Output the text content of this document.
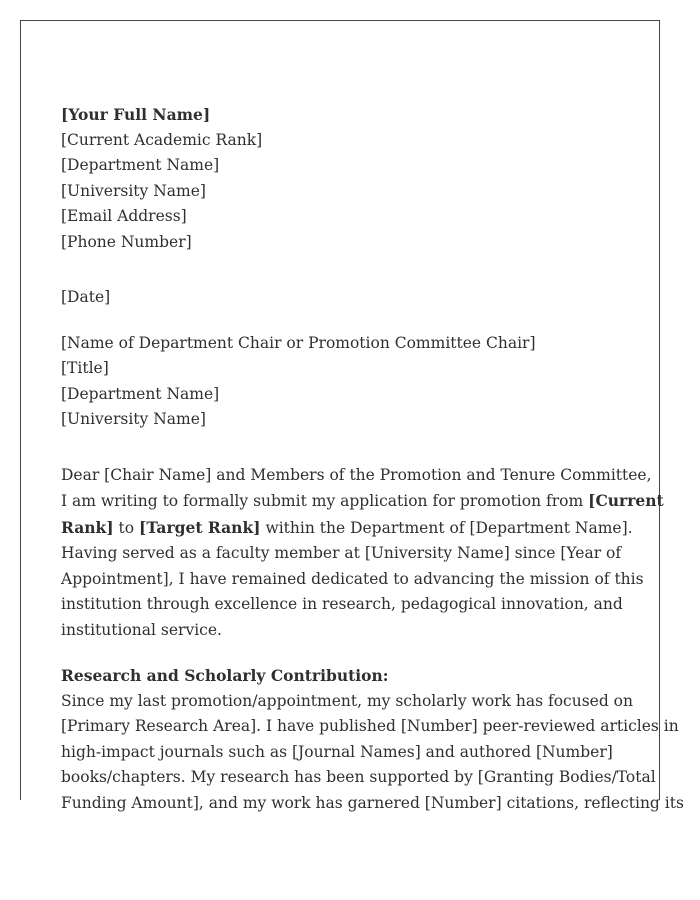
[Your Full Name]
[Current Academic Rank]
[Department Name]
[University Name]
[Email Address]
[Phone Number]
[Date]
[Name of Department Chair or Promotion Committee Chair]
[Title]
[Department Name]
[University Name]
Dear [Chair Name] and Members of the Promotion and Tenure Committee,
I am writing to formally submit my application for promotion from [Current
Rank] to [Target Rank] within the Department of [Department Name].
Having served as a faculty member at [University Name] since [Year of
Appointment], I have remained dedicated to advancing the mission of this
institution through excellence in research, pedagogical innovation, and
institutional service.
Research and Scholarly Contribution:
Since my last promotion/appointment, my scholarly work has focused on
[Primary Research Area]. I have published [Number] peer-reviewed articles in
high-impact journals such as [Journal Names] and authored [Number]
books/chapters. My research has been supported by [Granting Bodies/Total
Funding Amount], and my work has garnered [Number] citations, reflecting its
